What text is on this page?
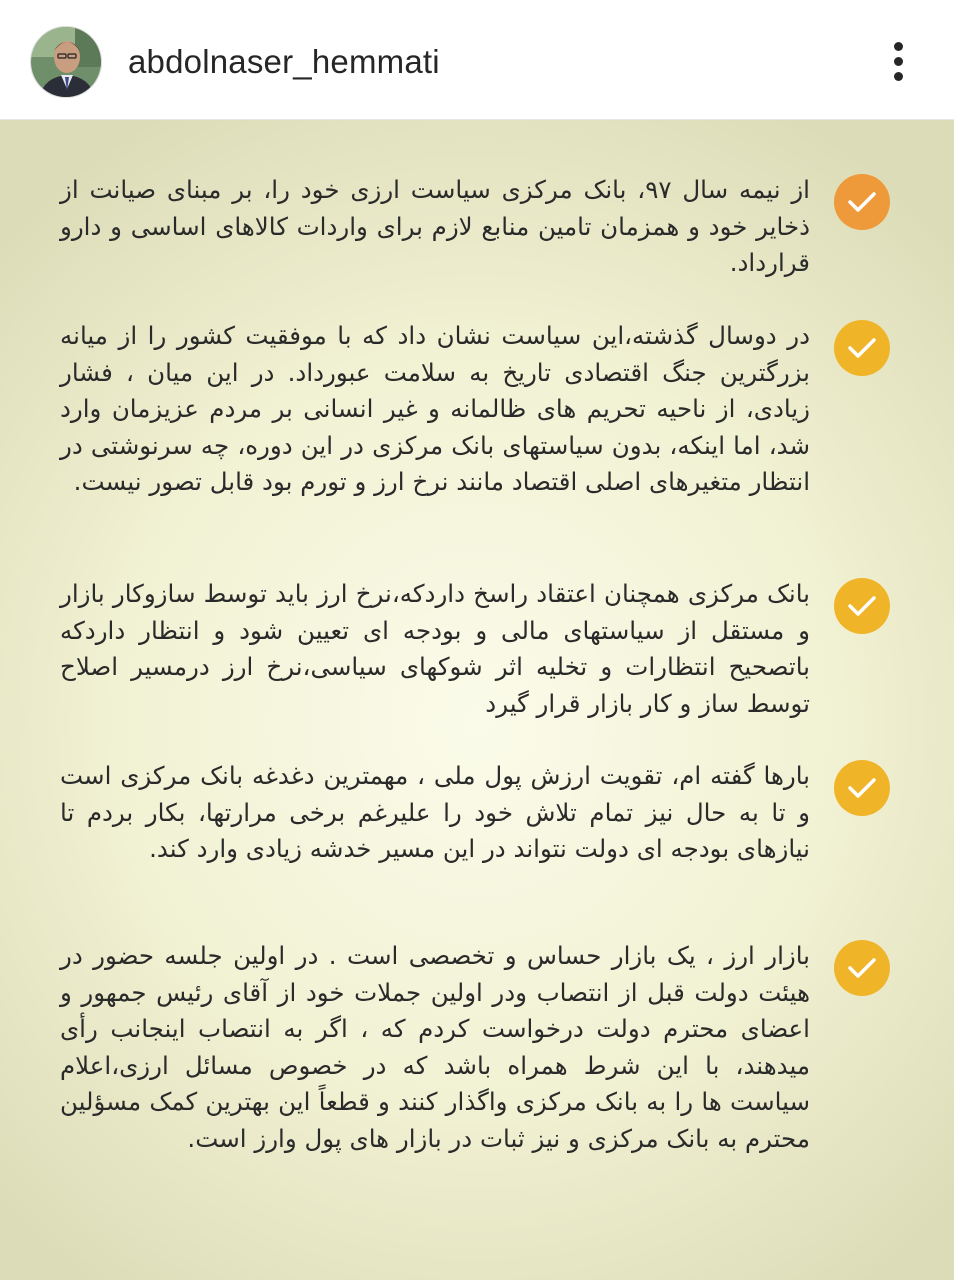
abdolnaser_hemmati
از نیمه سال ۹۷، بانک مرکزی سیاست ارزی خود را، بر مبنای صیانت از ذخایر خود و همزمان تامین منابع لازم برای واردات کالاهای اساسی و دارو قرارداد.
در دوسال گذشته،این سیاست نشان داد که با موفقیت کشور را از میانه بزرگترین جنگ اقتصادی تاریخ به سلامت عبورداد. در این میان ، فشار زیادی، از ناحیه تحریم های ظالمانه و غیر انسانی بر مردم عزیزمان وارد شد، اما اینکه، بدون سیاستهای بانک مرکزی در این دوره، چه سرنوشتی در انتظار متغیرهای اصلی اقتصاد مانند نرخ ارز و تورم بود قابل تصور نیست.
بانک مرکزی همچنان اعتقاد راسخ داردکه،نرخ ارز باید توسط سازوکار بازار و مستقل از سیاستهای مالی و بودجه ای تعیین شود و انتظار داردکه باتصحیح انتظارات و تخلیه اثر شوکهای سیاسی،نرخ ارز درمسیر اصلاح توسط ساز و کار بازار قرار گیرد
بارها گفته ام، تقویت ارزش پول ملی ، مهمترین دغدغه بانک مرکزی است و تا به حال نیز تمام تلاش خود را علیرغم برخی مرارتها، بکار بردم تا نیازهای بودجه ای دولت نتواند در این مسیر خدشه زیادی وارد کند.
بازار ارز ، یک بازار حساس و تخصصی است . در اولین جلسه حضور در هیئت دولت قبل از انتصاب ودر اولین جملات خود از آقای رئیس جمهور و اعضای محترم دولت درخواست کردم که ، اگر به انتصاب اینجانب رأی میدهند، با این شرط همراه باشد که در خصوص مسائل ارزی،اعلام سیاست ها را به بانک مرکزی واگذار کنند و قطعاً این بهترین کمک مسؤلین محترم به بانک مرکزی و نیز ثبات در بازار های پول وارز است.
